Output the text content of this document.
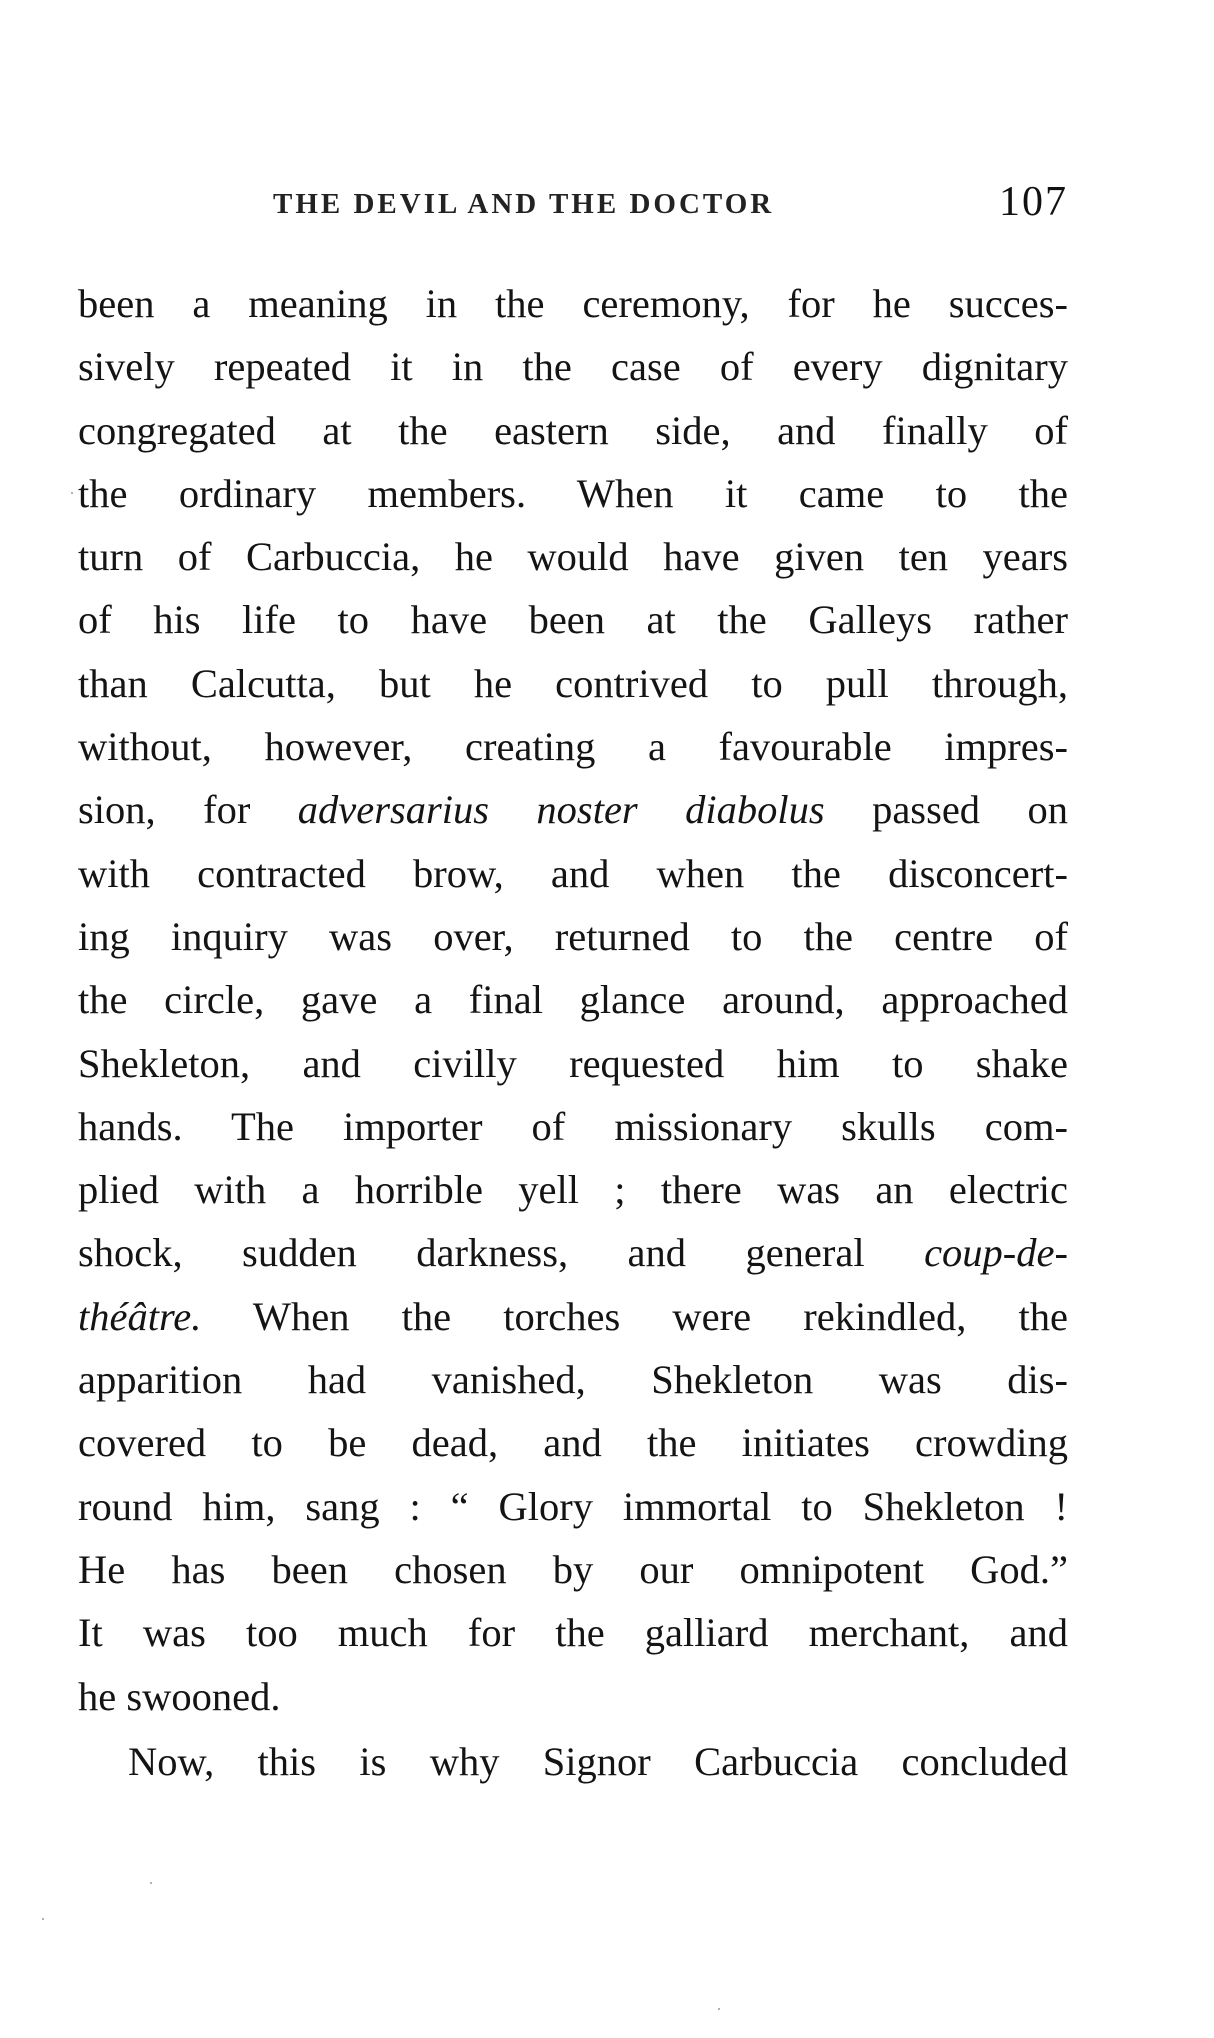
THE DEVIL AND THE DOCTOR	107
been a meaning in the ceremony, for he succes-
sively repeated it in the case of every dignitary
congregated at the eastern side, and finally of
the ordinary members. When it came to the
turn of Carbuccia, he would have given ten years
of his life to have been at the Galleys rather
than Calcutta, but he contrived to pull through,
without, however, creating a favourable impres-
sion, for adversarius noster diabolus passed on
with contracted brow, and when the disconcert-
ing inquiry was over, returned to the centre of
the circle, gave a final glance around, approached
Shekleton, and civilly requested him to shake
hands. The importer of missionary skulls com-
plied with a horrible yell ; there was an electric
shock, sudden darkness, and general coup-de-
théâtre. When the torches were rekindled, the
apparition had vanished, Shekleton was dis-
covered to be dead, and the initiates crowding
round him, sang : “ Glory immortal to Shekleton !
He has been chosen by our omnipotent God.”
It was too much for the galliard merchant, and
he swooned.
Now, this is why Signor Carbuccia concluded
